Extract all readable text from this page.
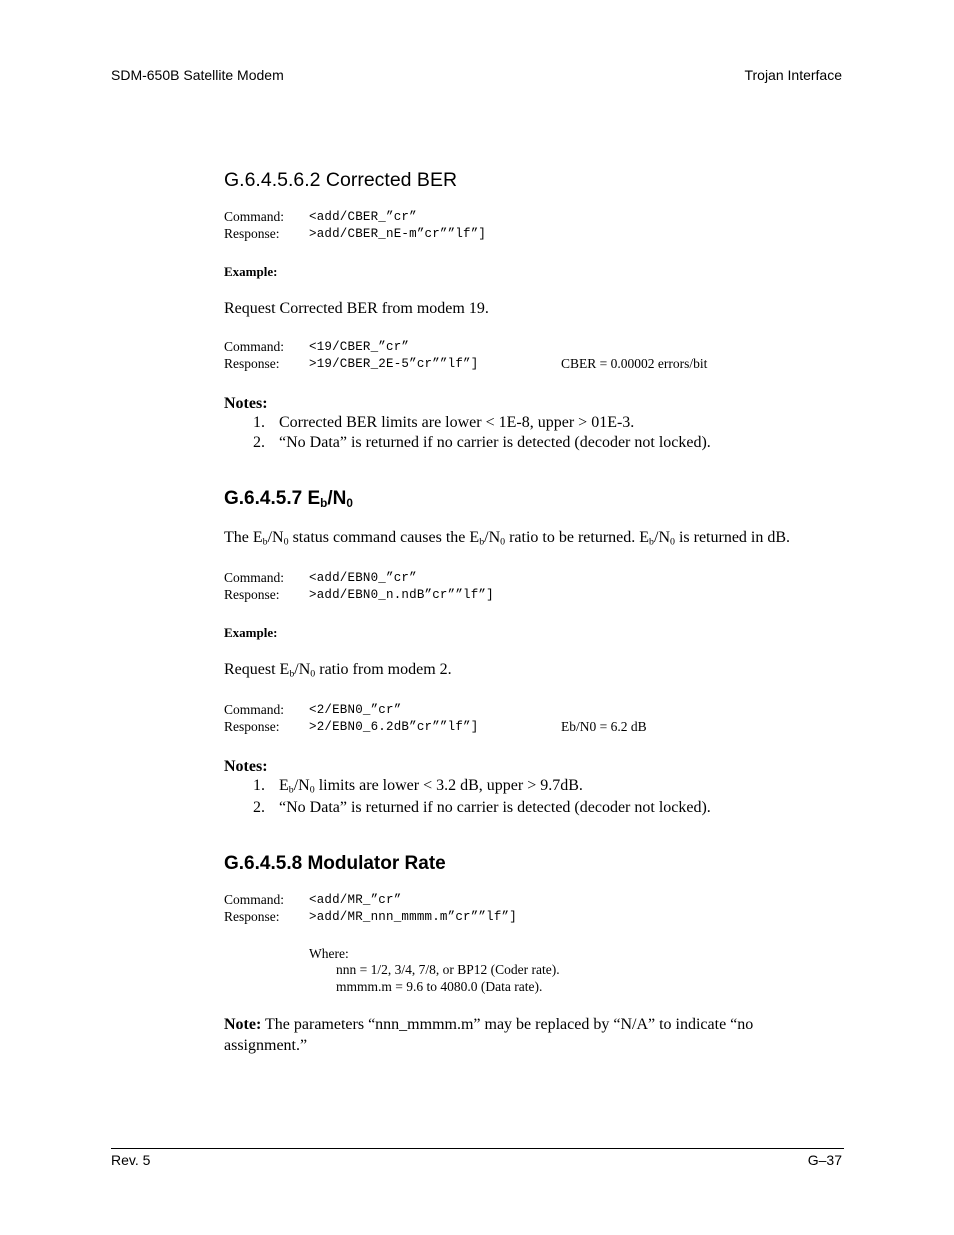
SDM-650B Satellite Modem	Trojan Interface
G.6.4.5.6.2 Corrected BER
Command: <add/CBER_”cr”
Response: >add/CBER_nE-m”cr””lf”]
Example:
Request Corrected BER from modem 19.
Command: <19/CBER_”cr”
Response: >19/CBER_2E-5”cr””lf”]	CBER = 0.00002 errors/bit
Notes:
1. Corrected BER limits are lower < 1E-8, upper > 01E-3.
2. “No Data” is returned if no carrier is detected (decoder not locked).
G.6.4.5.7 $E_b/N_0$
The $E_b/N_0$ status command causes the $E_b/N_0$ ratio to be returned. $E_b/N_0$ is returned in dB.
Command: <add/EBN0_”cr”
Response: >add/EBN0_n.ndB”cr””lf”]
Example:
Request $E_b/N_0$ ratio from modem 2.
Command: <2/EBN0_”cr”
Response: >2/EBN0_6.2dB”cr””lf”]	Eb/N0 = 6.2 dB
Notes:
1. $E_b/N_0$ limits are lower < 3.2 dB, upper > 9.7dB.
2. “No Data” is returned if no carrier is detected (decoder not locked).
G.6.4.5.8 Modulator Rate
Command: <add/MR_”cr”
Response: >add/MR_nnn_mmmm.m”cr””lf”]
Where:
nnn = 1/2, 3/4, 7/8, or BP12 (Coder rate).
mmmm.m = 9.6 to 4080.0 (Data rate).
Note: The parameters “nnn_mmmm.m” may be replaced by “N/A” to indicate “no
assignment.”
Rev. 5	G–37
